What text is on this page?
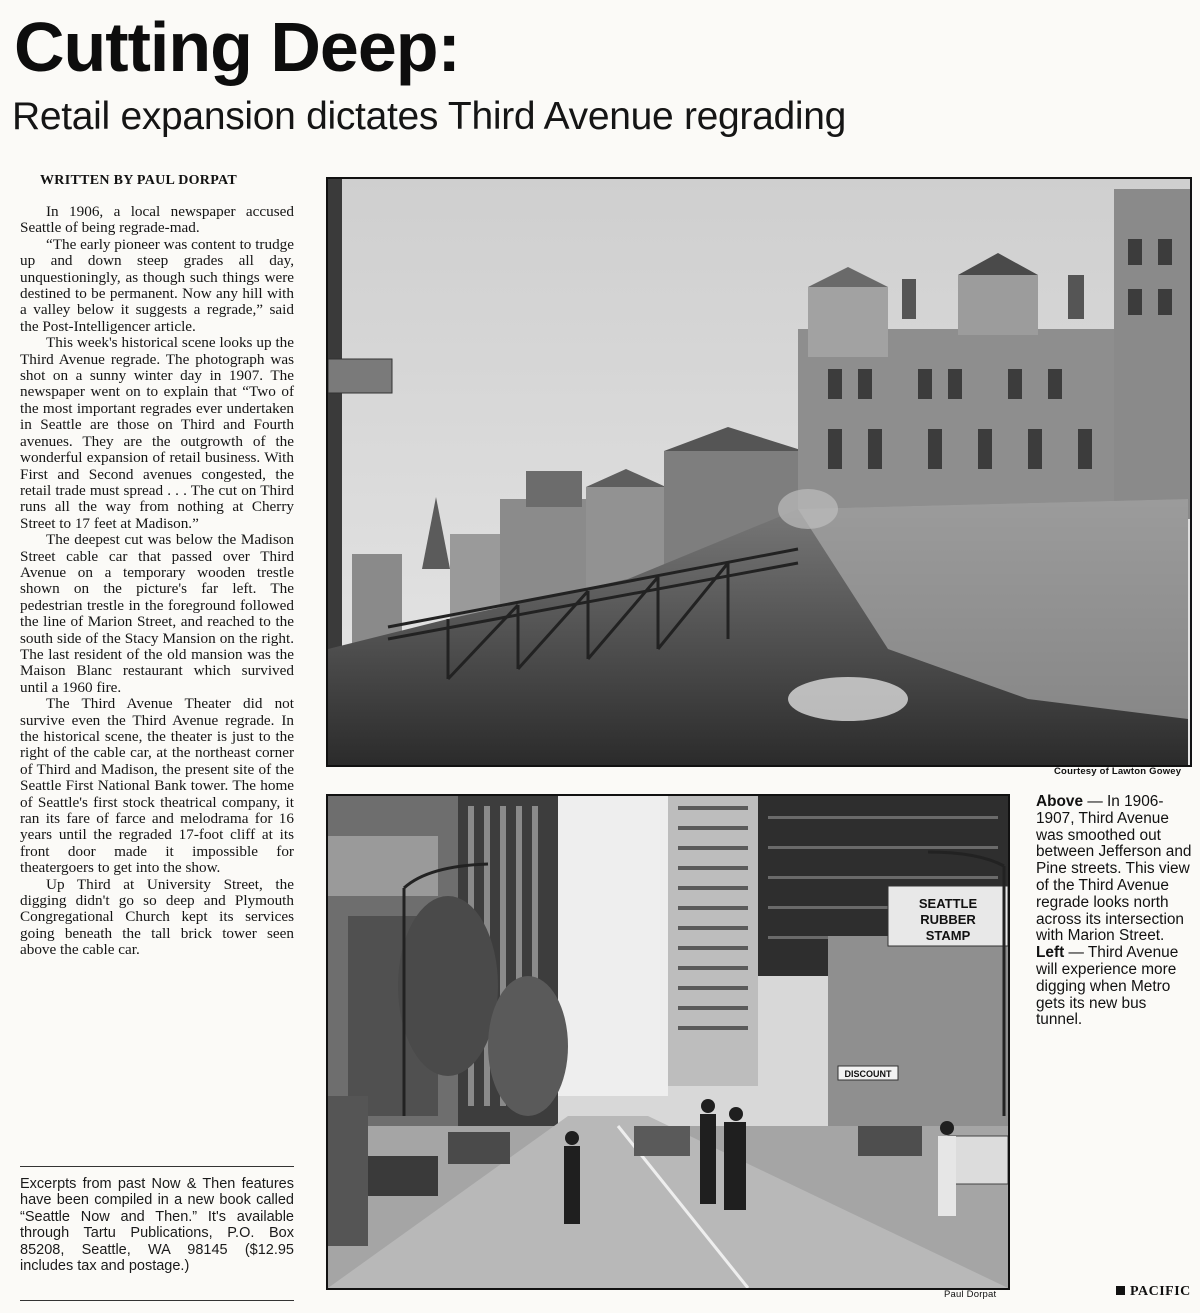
Cutting Deep:
Retail expansion dictates Third Avenue regrading
WRITTEN BY PAUL DORPAT

In 1906, a local newspaper accused Seattle of being regrade-mad.

“The early pioneer was content to trudge up and down steep grades all day, unquestioningly, as though such things were destined to be permanent. Now any hill with a valley below it suggests a regrade,” said the Post-Intelligencer article.

This week's historical scene looks up the Third Avenue regrade. The photograph was shot on a sunny winter day in 1907. The newspaper went on to explain that “Two of the most important regrades ever undertaken in Seattle are those on Third and Fourth avenues. They are the outgrowth of the wonderful expansion of retail business. With First and Second avenues congested, the retail trade must spread . . . The cut on Third runs all the way from nothing at Cherry Street to 17 feet at Madison.”

The deepest cut was below the Madison Street cable car that passed over Third Avenue on a temporary wooden trestle shown on the picture's far left. The pedestrian trestle in the foreground followed the line of Marion Street, and reached to the south side of the Stacy Mansion on the right. The last resident of the old mansion was the Maison Blanc restaurant which survived until a 1960 fire.

The Third Avenue Theater did not survive even the Third Avenue regrade. In the historical scene, the theater is just to the right of the cable car, at the northeast corner of Third and Madison, the present site of the Seattle First National Bank tower. The home of Seattle's first stock theatrical company, it ran its fare of farce and melodrama for 16 years until the regraded 17-foot cliff at its front door made it impossible for theatergoers to get into the show.

Up Third at University Street, the digging didn't go so deep and Plymouth Congregational Church kept its services going beneath the tall brick tower seen above the cable car.

Excerpts from past Now & Then features have been compiled in a new book called “Seattle Now and Then.” It's available through Tartu Publications, P.O. Box 85208, Seattle, WA 98145 ($12.95 includes tax and postage.)
Courtesy of Lawton Gowey
SEATTLE
RUBBER
STAMP
DISCOUNT
Paul Dorpat
Above — In 1906-1907, Third Avenue was smoothed out between Jefferson and Pine streets. This view of the Third Avenue regrade looks north across its intersection with Marion Street. Left — Third Avenue will experience more digging when Metro gets its new bus tunnel.
PACIFIC
